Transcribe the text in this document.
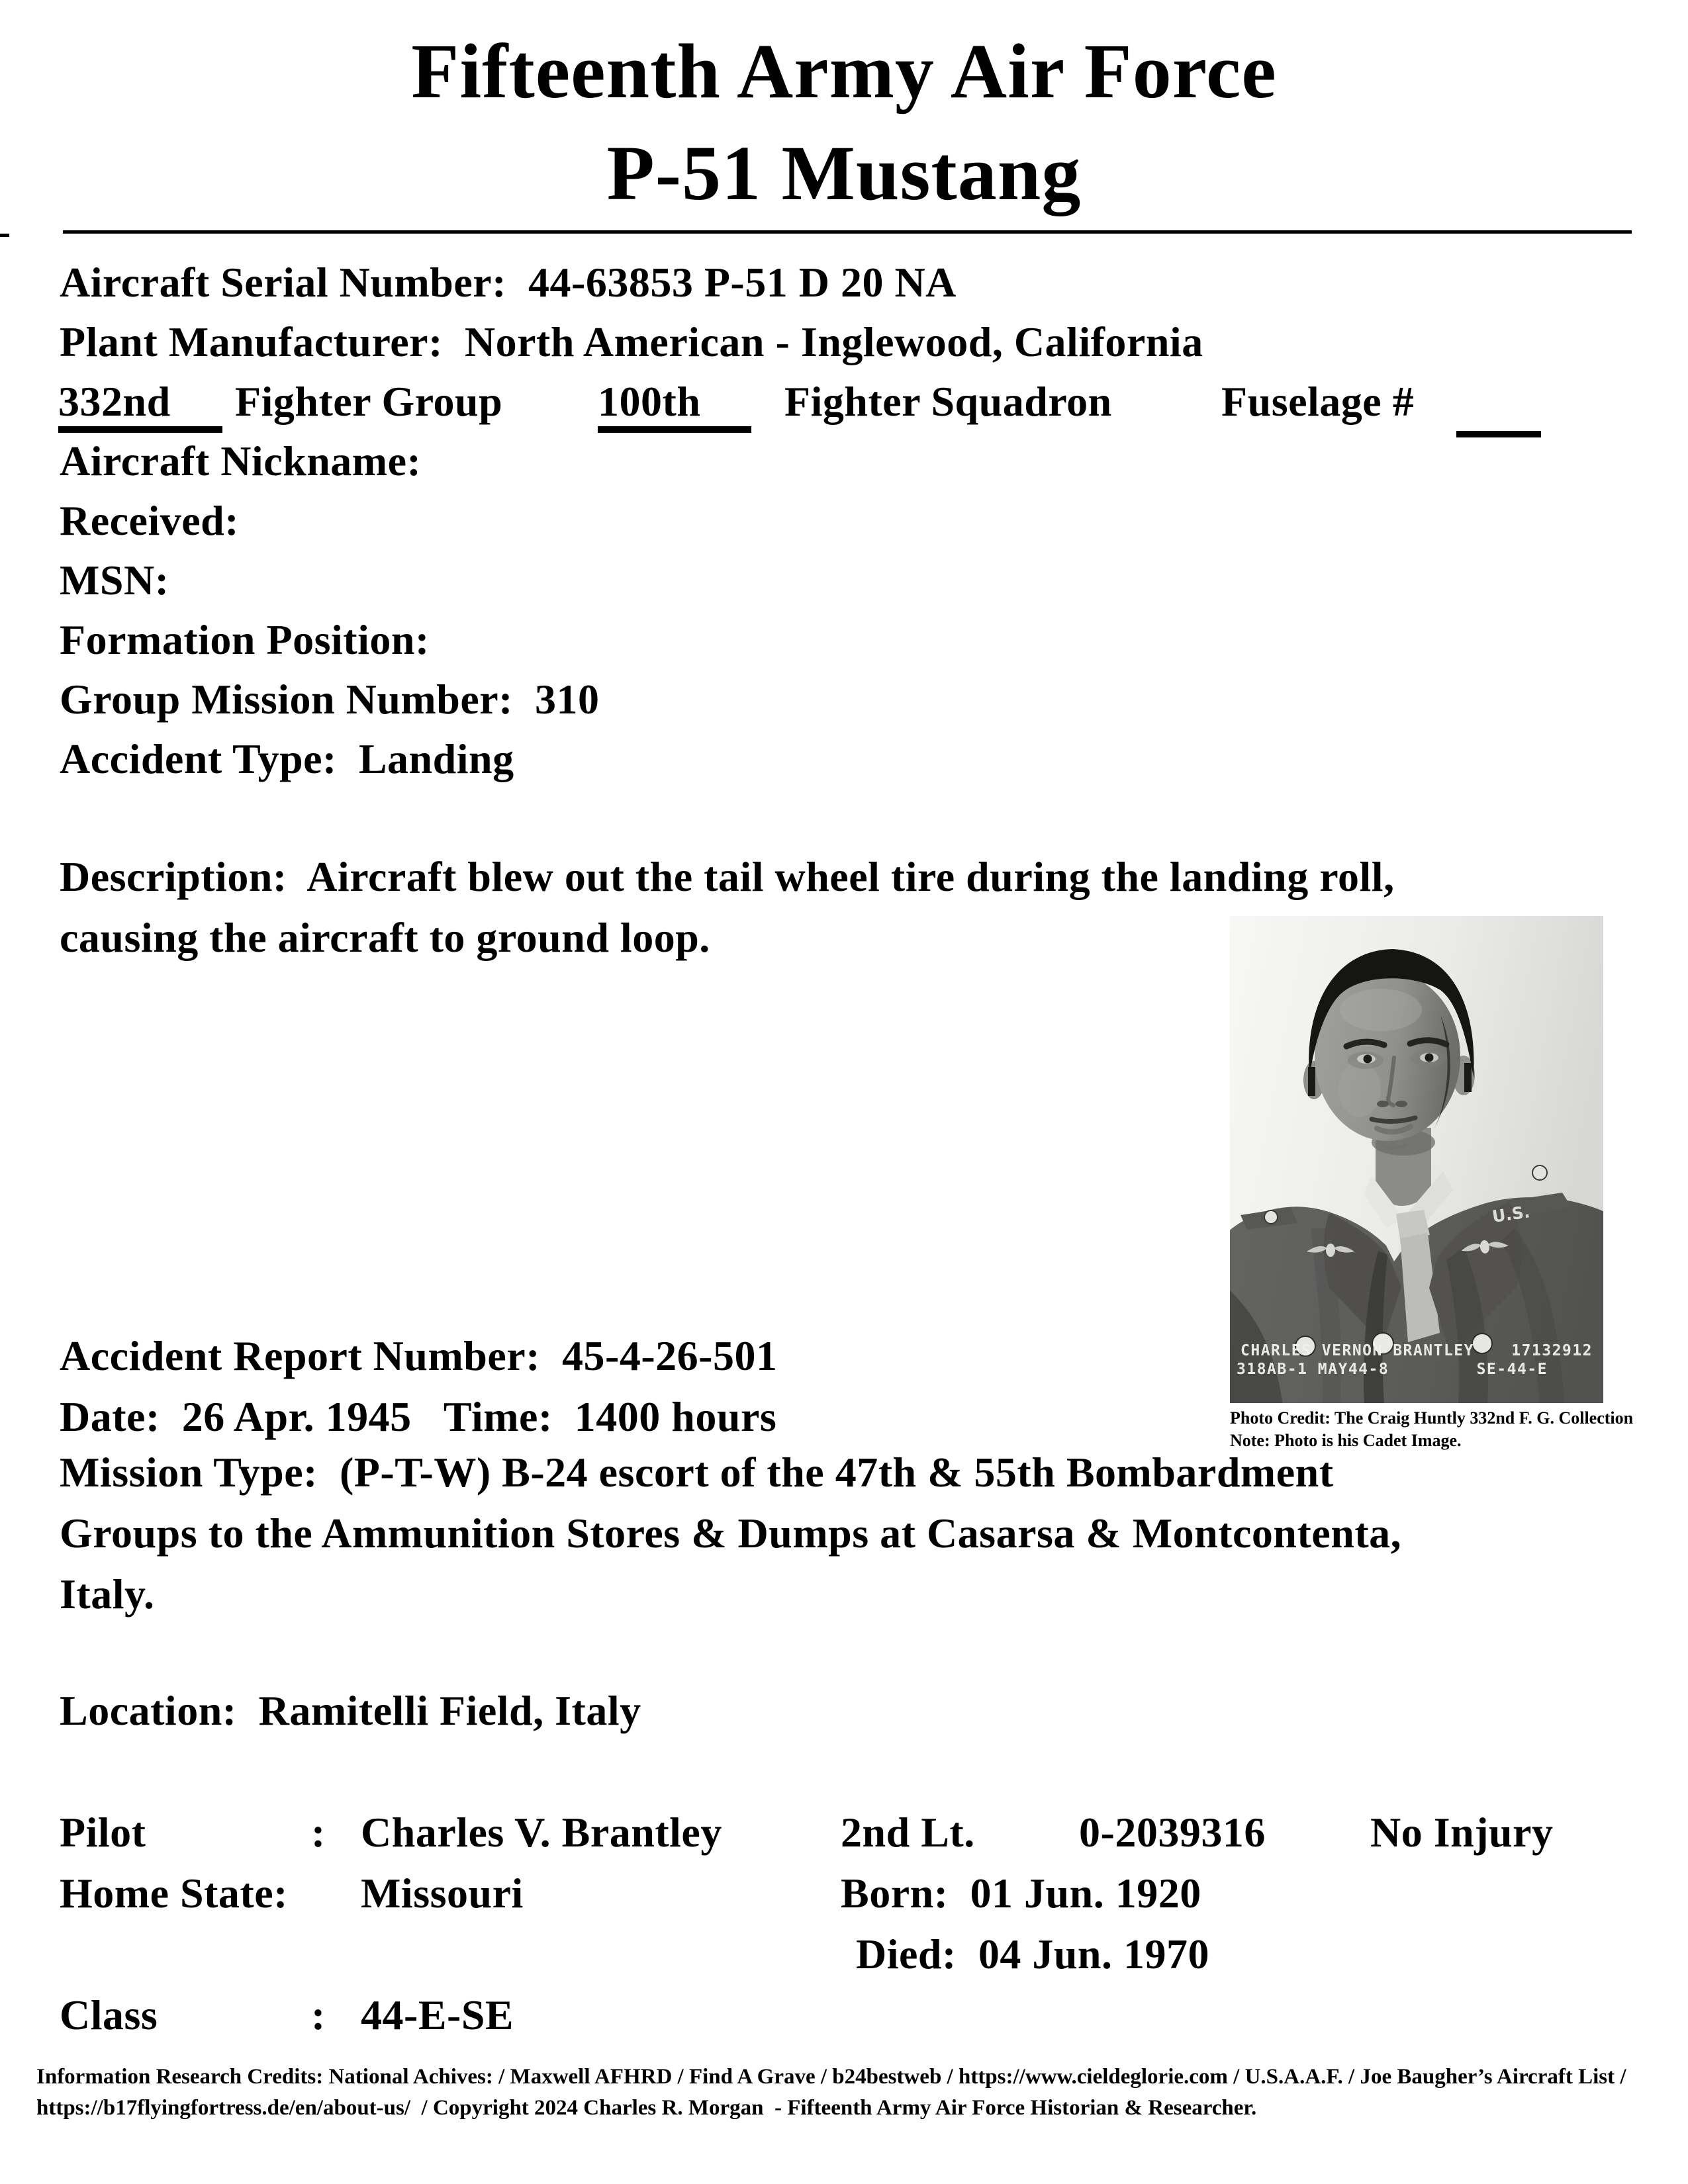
Fifteenth Army Air Force
P-51 Mustang
Aircraft Serial Number:  44-63853 P-51 D 20 NA
Plant Manufacturer:  North American - Inglewood, California
332nd	Fighter Group 100th	Fighter Squadron	Fuselage #
Aircraft Nickname:
Received:
MSN:
Formation Position:
Group Mission Number:  310
Accident Type:  Landing
Description:  Aircraft blew out the tail wheel tire during the landing roll,
causing the aircraft to ground loop.
U.S.
CHARLES VERNON BRANTLEY 17132912
318AB-1 MAY44-8	SE-44-E
Photo Credit: The Craig Huntly 332nd F. G. Collection
Note: Photo is his Cadet Image.
Accident Report Number:  45-4-26-501
Date:  26 Apr. 1945   Time:  1400 hours
Mission Type:  (P-T-W) B-24 escort of the 47th & 55th Bombardment
Groups to the Ammunition Stores & Dumps at Casarsa & Montcontenta,
Italy.
Location:  Ramitelli Field, Italy
Pilot	: Charles V. Brantley	2nd Lt. 0-2039316 No Injury
Home State: Missouri	Born:  01 Jun. 1920
Died:  04 Jun. 1970
Class	: 44-E-SE
Information Research Credits: National Achives: / Maxwell AFHRD / Find A Grave / b24bestweb / https://www.cieldeglorie.com / U.S.A.A.F. / Joe Baugher’s Aircraft List /
https://b17flyingfortress.de/en/about-us/  / Copyright 2024 Charles R. Morgan  - Fifteenth Army Air Force Historian & Researcher.
